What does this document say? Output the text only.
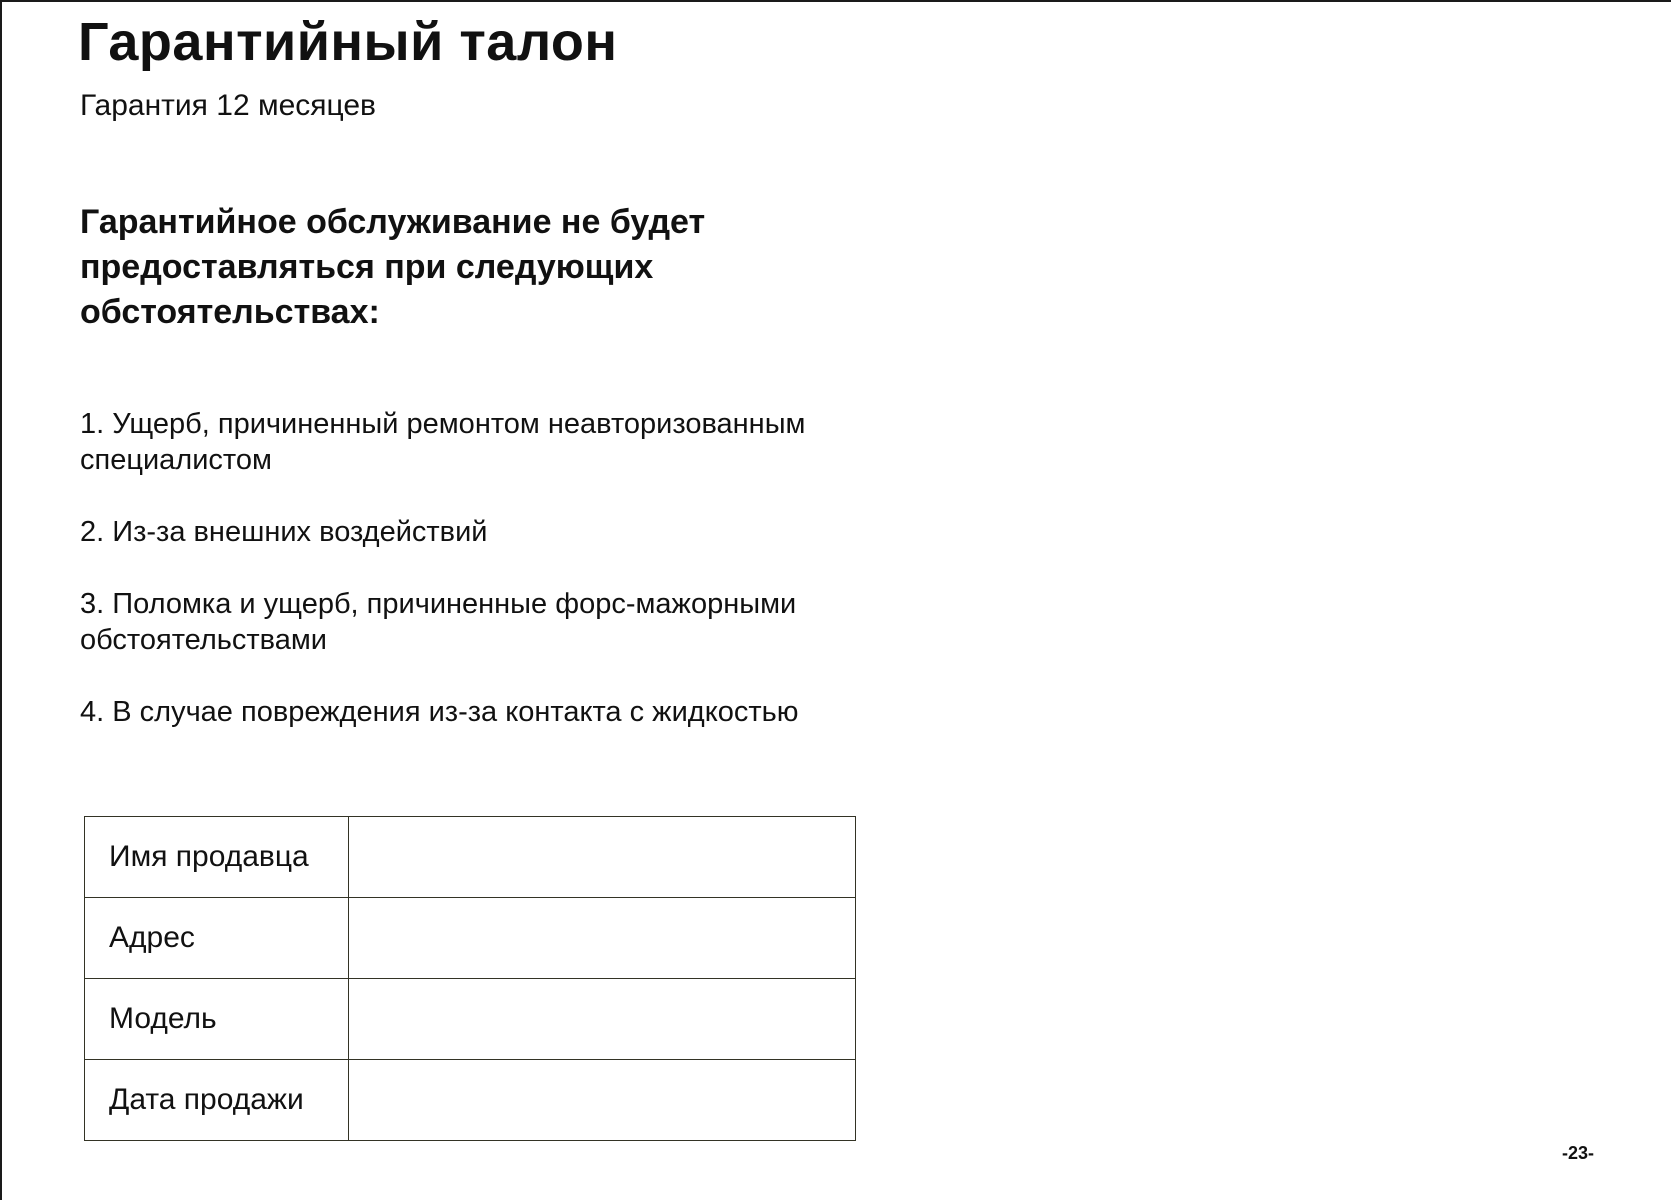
Гарантийный талон
Гарантия 12 месяцев
Гарантийное обслуживание не будет предоставляться при следующих обстоятельствах:
1. Ущерб, причиненный ремонтом неавторизованным специалистом
2. Из-за внешних воздействий
3. Поломка и ущерб, причиненные форс-мажорными обстоятельствами
4. В случае повреждения из-за контакта с жидкостью
Имя продавца	
Адрес	
Модель	
Дата продажи	
-23-
